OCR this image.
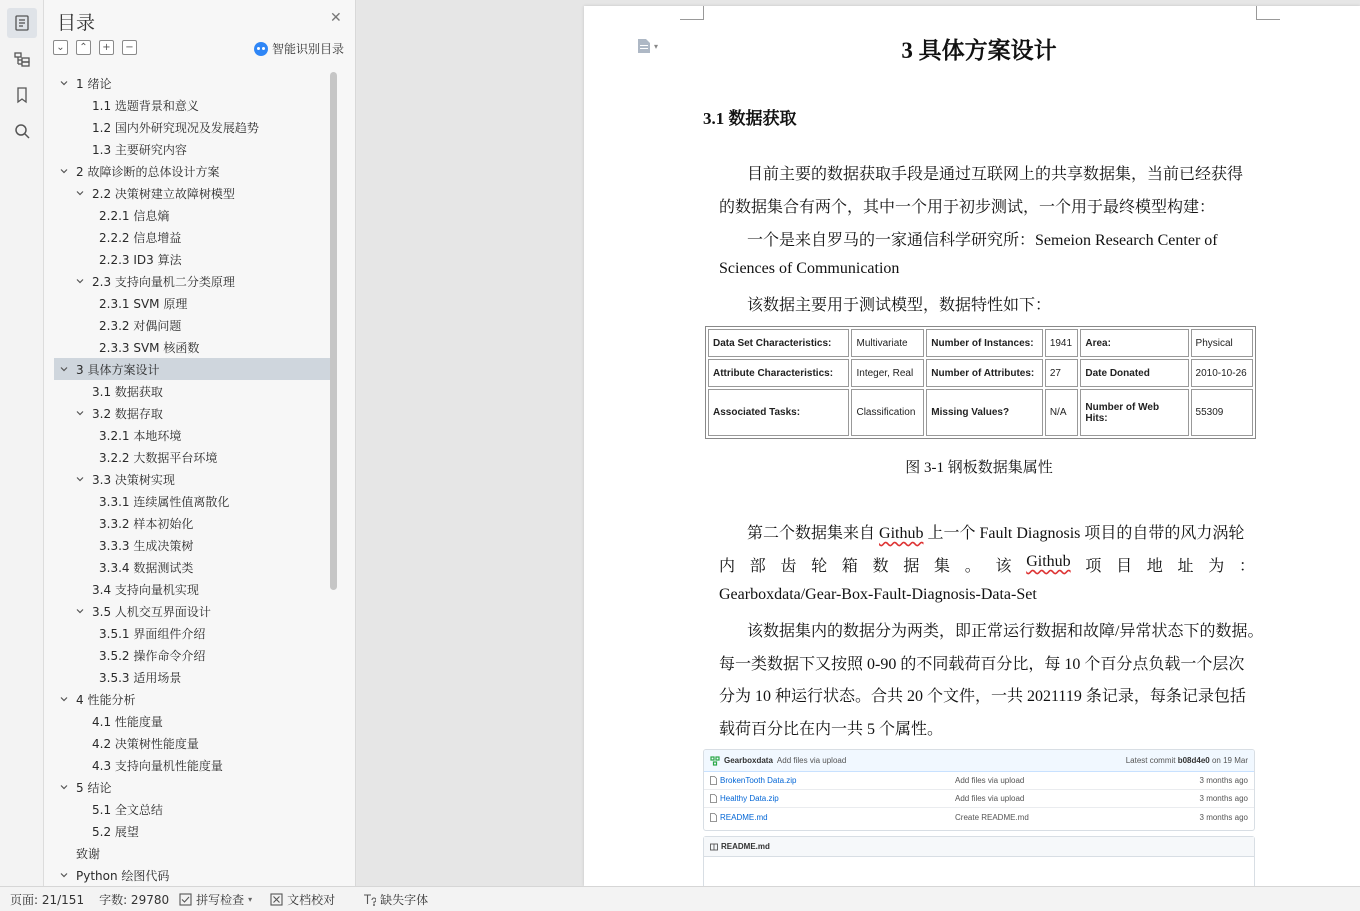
目录	✕
⌄	⌃	+	−	智能识别目录
1 绪论
1.1 选题背景和意义
1.2 国内外研究现况及发展趋势
1.3 主要研究内容
2 故障诊断的总体设计方案
2.2 决策树建立故障树模型
2.2.1 信息熵
2.2.2 信息增益
2.2.3 ID3 算法
2.3 支持向量机二分类原理
2.3.1 SVM 原理
2.3.2 对偶问题
2.3.3 SVM 核函数
3 具体方案设计
3.1 数据获取
3.2 数据存取
3.2.1 本地环境
3.2.2 大数据平台环境
3.3 决策树实现
3.3.1 连续属性值离散化
3.3.2 样本初始化
3.3.3 生成决策树
3.3.4 数据测试类
3.4 支持向量机实现
3.5 人机交互界面设计
3.5.1 界面组件介绍
3.5.2 操作命令介绍
3.5.3 适用场景
4 性能分析
4.1 性能度量
4.2 决策树性能度量
4.3 支持向量机性能度量
5 结论
5.1 全文总结
5.2 展望
致谢
Python 绘图代码
▾	3 具体方案设计
3.1 数据获取
目前主要的数据获取手段是通过互联网上的共享数据集，当前已经获得
的数据集合有两个，其中一个用于初步测试，一个用于最终模型构建：
一个是来自罗马的一家通信科学研究所：Semeion Research Center of
Sciences of Communication
该数据主要用于测试模型，数据特性如下：
Data Set Characteristics:	Multivariate	Number of Instances:	1941	Area:	Physical
Attribute Characteristics:	Integer, Real	Number of Attributes:	27	Date Donated	2010-10-26
Associated Tasks:	Classification	Missing Values?	N/A	Number of Web Hits:	55309
图 3-1 钢板数据集属性
第二个数据集来自 Github 上一个 Fault Diagnosis 项目的自带的风力涡轮
内 部 齿 轮 箱 数 据 集 。 该 Github 项 目 地 址 为 ：
Gearboxdata/Gear-Box-Fault-Diagnosis-Data-Set
该数据集内的数据分为两类，即正常运行数据和故障/异常状态下的数据。
每一类数据下又按照 0-90 的不同载荷百分比，每 10 个百分点负载一个层次
分为 10 种运行状态。合共 20 个文件，一共 2021119 条记录，每条记录包括
载荷百分比在内一共 5 个属性。
Gearboxdata Add files via upload	Latest commit b08d4e0 on 19 Mar
BrokenTooth Data.zip	Add files via upload	3 months ago
Healthy Data.zip	Add files via upload	3 months ago
README.md	Create README.md	3 months ago
README.md
页面: 21/151 字数: 29780 拼写检查 ▾	文档校对	缺失字体
